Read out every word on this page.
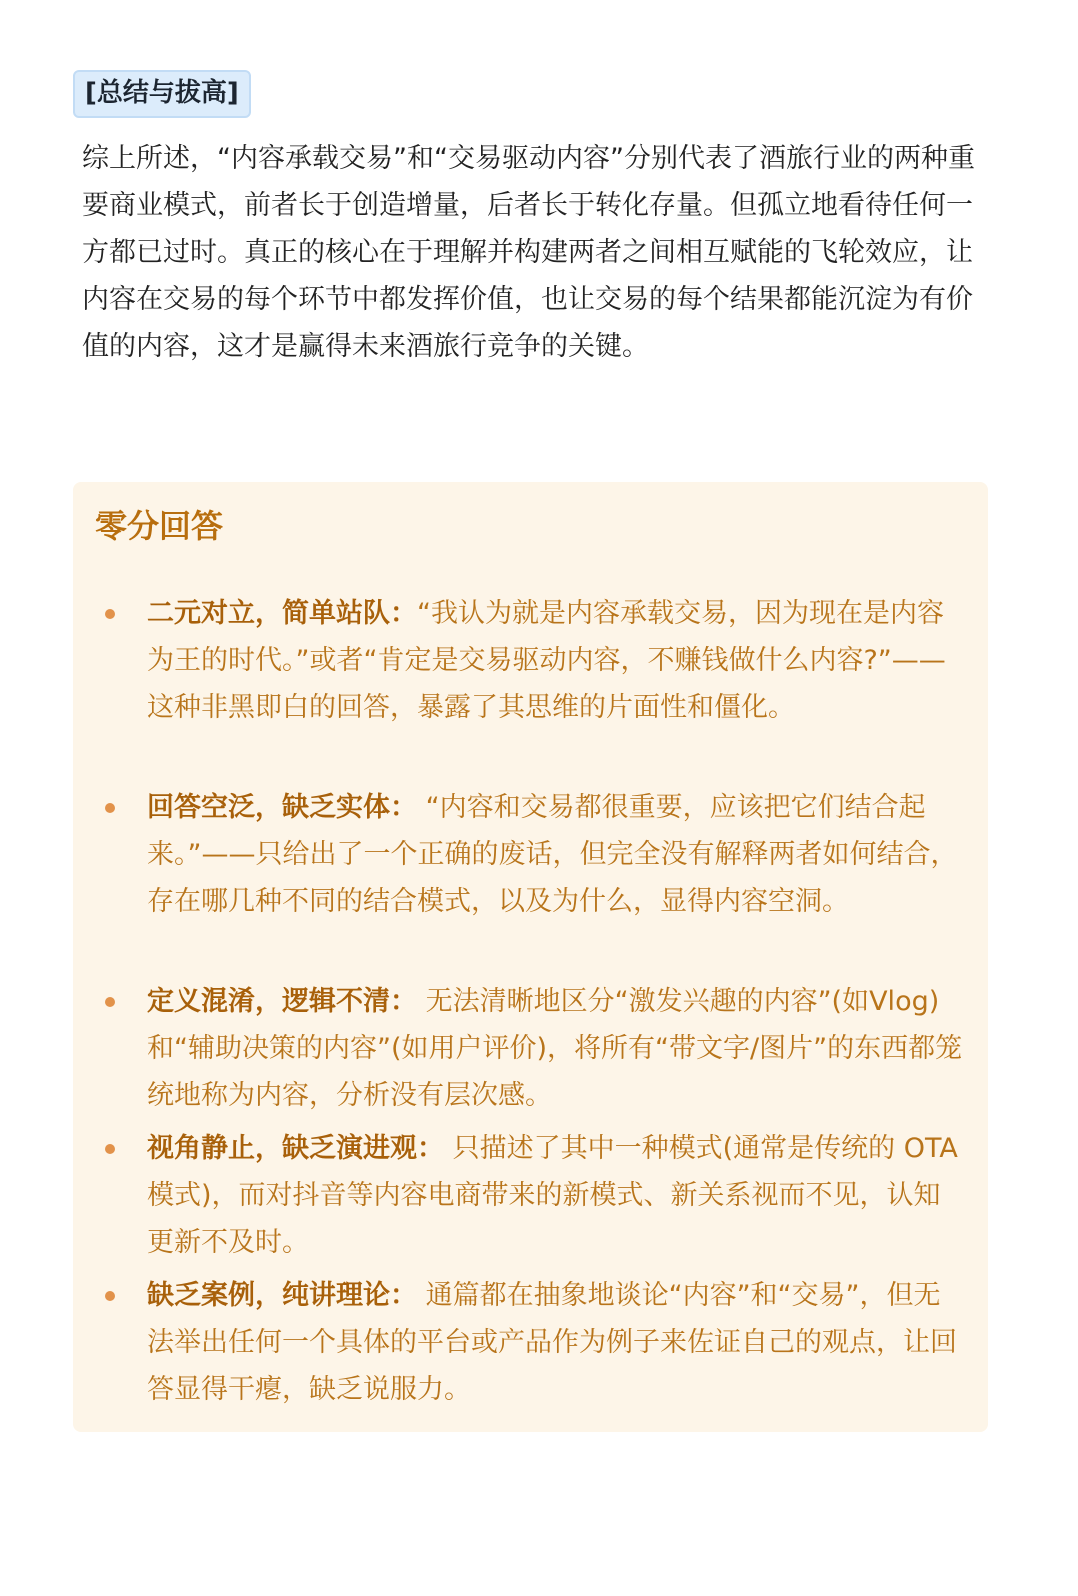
[总结与拔高]

综上所述，“内容承载交易”和“交易驱动内容”分别代表了酒旅行业的两种重要商业模式，前者长于创造增量，后者长于转化存量。但孤立地看待任何一方都已过时。真正的核心在于理解并构建两者之间相互赋能的飞轮效应，让内容在交易的每个环节中都发挥价值，也让交易的每个结果都能沉淀为有价值的内容，这才是赢得未来酒旅行竞争的关键。

零分回答
二元对立，简单站队：“我认为就是内容承载交易，因为现在是内容为王的时代。”或者“肯定是交易驱动内容，不赚钱做什么内容?”——这种非黑即白的回答，暴露了其思维的片面性和僵化。
回答空泛，缺乏实体： “内容和交易都很重要，应该把它们结合起来。”——只给出了一个正确的废话，但完全没有解释两者如何结合，存在哪几种不同的结合模式，以及为什么，显得内容空洞。
定义混淆，逻辑不清： 无法清晰地区分“激发兴趣的内容”(如Vlog)和“辅助决策的内容”(如用户评价)，将所有“带文字/图片”的东西都笼统地称为内容，分析没有层次感。
视角静止，缺乏演进观： 只描述了其中一种模式(通常是传统的 OTA 模式)，而对抖音等内容电商带来的新模式、新关系视而不见，认知更新不及时。
缺乏案例，纯讲理论： 通篇都在抽象地谈论“内容”和“交易”，但无法举出任何一个具体的平台或产品作为例子来佐证自己的观点，让回答显得干瘪，缺乏说服力。
